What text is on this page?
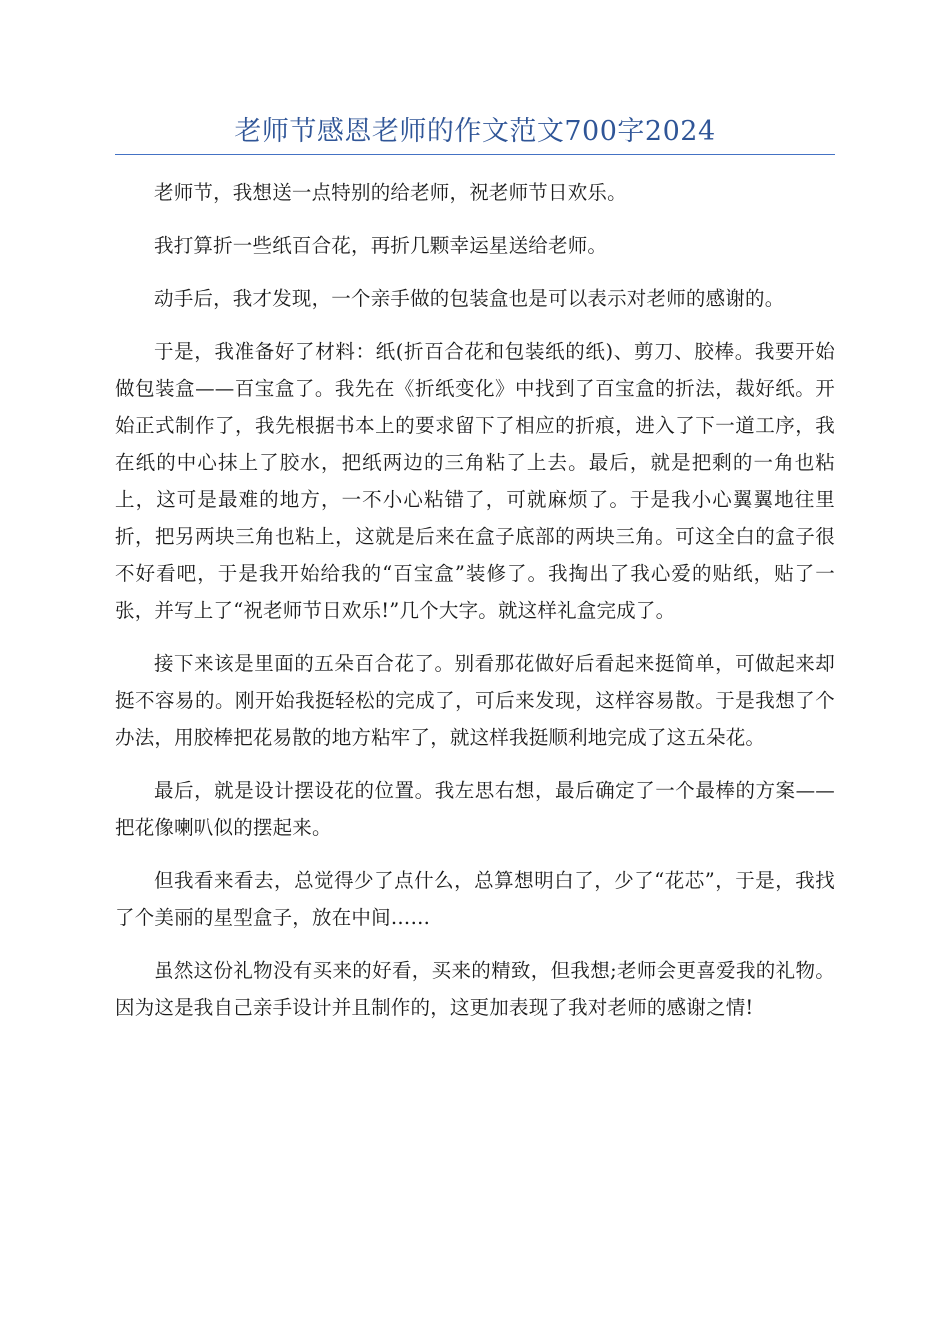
老师节感恩老师的作文范文700字2024

老师节，我想送一点特别的给老师，祝老师节日欢乐。

我打算折一些纸百合花，再折几颗幸运星送给老师。

动手后，我才发现，一个亲手做的包装盒也是可以表示对老师的感谢的。

于是，我准备好了材料：纸(折百合花和包装纸的纸)、剪刀、胶棒。我要开始做包装盒——百宝盒了。我先在《折纸变化》中找到了百宝盒的折法，裁好纸。开始正式制作了，我先根据书本上的要求留下了相应的折痕，进入了下一道工序，我在纸的中心抹上了胶水，把纸两边的三角粘了上去。最后，就是把剩的一角也粘上，这可是最难的地方，一不小心粘错了，可就麻烦了。于是我小心翼翼地往里折，把另两块三角也粘上，这就是后来在盒子底部的两块三角。可这全白的盒子很不好看吧，于是我开始给我的“百宝盒”装修了。我掏出了我心爱的贴纸，贴了一张，并写上了“祝老师节日欢乐!”几个大字。就这样礼盒完成了。

接下来该是里面的五朵百合花了。别看那花做好后看起来挺简单，可做起来却挺不容易的。刚开始我挺轻松的完成了，可后来发现，这样容易散。于是我想了个办法，用胶棒把花易散的地方粘牢了，就这样我挺顺利地完成了这五朵花。

最后，就是设计摆设花的位置。我左思右想，最后确定了一个最棒的方案——把花像喇叭似的摆起来。

但我看来看去，总觉得少了点什么，总算想明白了，少了“花芯”，于是，我找了个美丽的星型盒子，放在中间……

虽然这份礼物没有买来的好看，买来的精致，但我想;老师会更喜爱我的礼物。因为这是我自己亲手设计并且制作的，这更加表现了我对老师的感谢之情!
